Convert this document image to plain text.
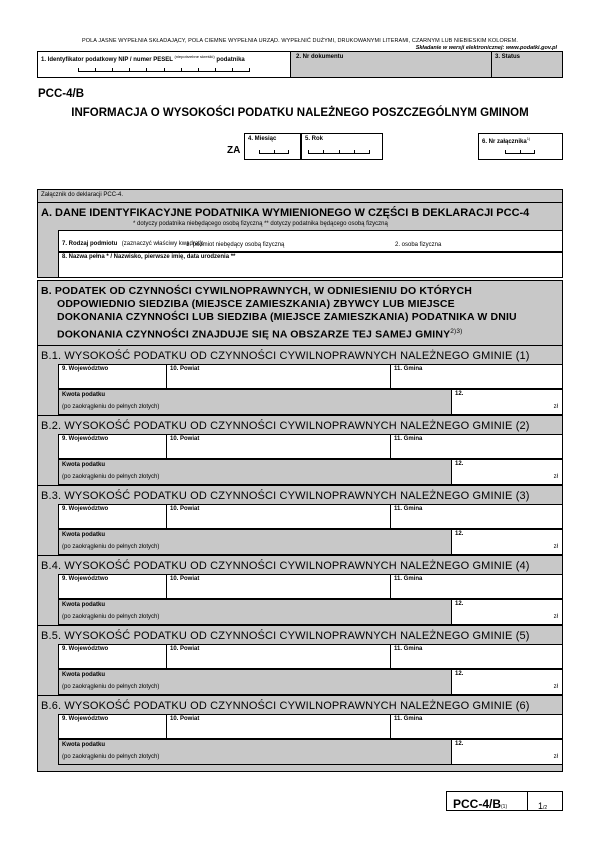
POLA JASNE WYPEŁNIA SKŁADAJĄCY, POLA CIEMNE WYPEŁNIA URZĄD. WYPEŁNIĆ DUŻYMI, DRUKOWANYMI LITERAMI, CZARNYM LUB NIEBIESKIM KOLOREM.
Składanie w wersji elektronicznej: www.podatki.gov.pl
1. Identyfikator podatkowy NIP / numer PESEL $^{(niepotrzebne skreślić)}$ podatnika	2. Nr dokumentu	3. Status
PCC-4/B
INFORMACJA O WYSOKOŚCI PODATKU NALEŻNEGO POSZCZEGÓLNYM GMINOM
ZA
4. Miesiąc	5. Rok	6. Nr załącznika$^{1)}$
Załącznik do deklaracji PCC-4.
A. DANE IDENTYFIKACYJNE PODATNIKA WYMIENIONEGO W CZĘŚCI B DEKLARACJI PCC-4
* dotyczy podatnika niebędącego osobą fizyczną ** dotyczy podatnika będącego osobą fizyczną
7. Rodzaj podmiotu (zaznaczyć właściwy kwadrat):
1. podmiot niebędący osobą fizyczną	2. osoba fizyczna
8. Nazwa pełna * / Nazwisko, pierwsze imię, data urodzenia **
B. PODATEK OD CZYNNOŚCI CYWILNOPRAWNYCH, W ODNIESIENIU DO KTÓRYCH
ODPOWIEDNIO SIEDZIBA (MIEJSCE ZAMIESZKANIA) ZBYWCY LUB MIEJSCE
DOKONANIA CZYNNOŚCI LUB SIEDZIBA (MIEJSCE ZAMIESZKANIA) PODATNIKA W DNIU
DOKONANIA CZYNNOŚCI ZNAJDUJE SIĘ NA OBSZARZE TEJ SAMEJ $GMINY^{2)3)}$
B.1. WYSOKOŚĆ PODATKU OD CZYNNOŚCI CYWILNOPRAWNYCH NALEŻNEGO GMINIE (1)
9. Województwo	10. Powiat	11. Gmina
Kwota podatku
(po zaokrągleniu do pełnych złotych)
12.
zł
B.2. WYSOKOŚĆ PODATKU OD CZYNNOŚCI CYWILNOPRAWNYCH NALEŻNEGO GMINIE (2)
9. Województwo	10. Powiat	11. Gmina
Kwota podatku
(po zaokrągleniu do pełnych złotych)
12.
zł
B.3. WYSOKOŚĆ PODATKU OD CZYNNOŚCI CYWILNOPRAWNYCH NALEŻNEGO GMINIE (3)
9. Województwo	10. Powiat	11. Gmina
Kwota podatku
(po zaokrągleniu do pełnych złotych)
12.
zł
B.4. WYSOKOŚĆ PODATKU OD CZYNNOŚCI CYWILNOPRAWNYCH NALEŻNEGO GMINIE (4)
9. Województwo	10. Powiat	11. Gmina
Kwota podatku
(po zaokrągleniu do pełnych złotych)
12.
zł
B.5. WYSOKOŚĆ PODATKU OD CZYNNOŚCI CYWILNOPRAWNYCH NALEŻNEGO GMINIE (5)
9. Województwo	10. Powiat	11. Gmina
Kwota podatku
(po zaokrągleniu do pełnych złotych)
12.
zł
B.6. WYSOKOŚĆ PODATKU OD CZYNNOŚCI CYWILNOPRAWNYCH NALEŻNEGO GMINIE (6)
9. Województwo	10. Powiat	11. Gmina
Kwota podatku
(po zaokrągleniu do pełnych złotych)
12.
zł
PCC-4/B(1)	1/2
